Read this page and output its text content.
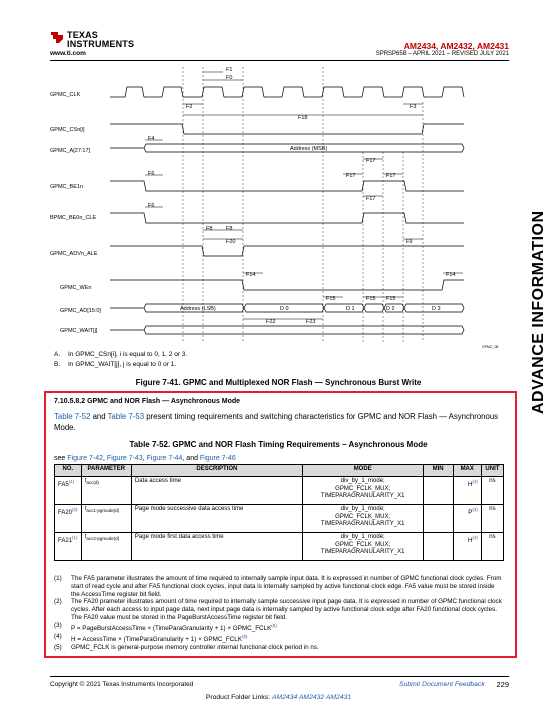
TEXAS
INSTRUMENTS
www.ti.com
AM2434, AM2432, AM2431
SPRSP65B – APRIL 2021 – REVISED JULY 2021
GPMC_CLK
GPMC_CSn[i]
GPMC_A[27:17]
GPMC_BE1n
BPMC_BE0n_CLE
GPMC_ADVn_ALE
GPMC_WEn
GPMC_AD[15:0]
GPMC_WAIT[j]
F1
F0
F2	F3
F18
F4
F6
F6
F8 F8
F20	F9
F14	F14
F15	F15 F15
F22	F23
F17
F17	F17
F17
Address (MSB)
Address (LSB)	D 0	D 1	D 2	D 3
GPMC_08
A. In GPMC_CSn[i], i is equal to 0, 1, 2 or 3.
B. In GPMC_WAIT[j], j is equal to 0 or 1.
Figure 7-41. GPMC and Multiplexed NOR Flash — Synchronous Burst Write
7.10.5.8.2 GPMC and NOR Flash — Asynchronous Mode
Table 7-52 and Table 7-53 present timing requirements and switching characteristics for GPMC and NOR Flash — Asynchronous Mode.
Table 7-52. GPMC and NOR Flash Timing Requirements – Asynchronous Mode
see Figure 7-42, Figure 7-43, Figure 7-44, and Figure 7-46
NO.	PARAMETER	DESCRIPTION	MODE	MIN	MAX	UNIT
FA5$^{(1)}$	$t_{acc(d)}$	Data access time	div_by_1_mode;
GPMC_FCLK_MUX;
TIMEPARAGRANULARITY_X1		$H^{(4)}$	ns
FA20$^{(2)}$	$t_{acc1-pgmode(d)}$	Page mode successive data access time	div_by_1_mode;
GPMC_FCLK_MUX;
TIMEPARAGRANULARITY_X1		$P^{(3)}$	ns
FA21$^{(1)}$	$t_{acc2-pgmode(d)}$	Page mode first data access time	div_by_1_mode;
GPMC_FCLK_MUX;
TIMEPARAGRANULARITY_X1		$H^{(4)}$	ns
(1)	The FA5 parameter illustrates the amount of time required to internally sample input data. It is expressed in number of GPMC functional clock cycles. From start of read cycle and after FA5 functional clock cycles, input data is internally sampled by active functional clock edge. FA5 value must be stored inside the AccessTime register bit field.
(2)	The FA20 prameter illustrates amount of time required to internally sample successive input page data. It is expressed in number of GPMC functional clock cycles. After each access to input page data, next input page data is internally sampled by active functional clock edge after FA20 functional clock cycles. The FA20 value must be stored in the PageBurstAccessTime register bit field.
(3)	P = PageBurstAccessTime × (TimeParaGranularity + $1) \times GPMC\_FCLK^{(5)}$
(4)	H = AccessTime × (TimeParaGranularity + $1) \times GPMC\_FCLK^{(5)}$
(5)	GPMC_FCLK is general-purpose memory controller internal functional clock period in ns.
ADVANCE INFORMATION
Copyright © 2021 Texas Instruments Incorporated	Submit Document Feedback 229
Product Folder Links: AM2434 AM2432 AM2431
